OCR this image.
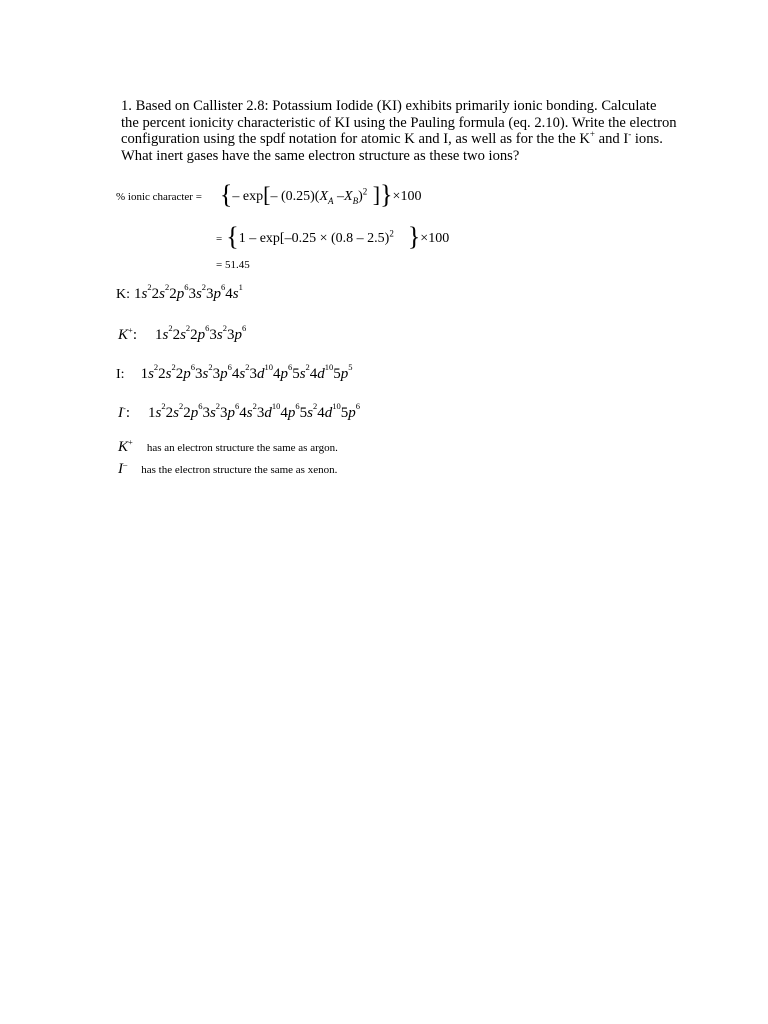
1. Based on Callister 2.8: Potassium Iodide (KI) exhibits primarily ionic bonding. Calculate

the percent ionicity characteristic of KI using the Pauling formula (eq. 2.10). Write the electron

configuration using the spdf notation for atomic K and I, as well as for the the K+ and I- ions.

What inert gases have the same electron structure as these two ions?

% ionic character = {– exp[– $(0.25)(X_A$ $-X_B)^2$ ]}×100
= {1 – exp[–0.25 × (0.8 – 2.5)$^2$ }×100
= 51.45
K: $1s^22s^22p^63s^23p^64s^1$
K+: $1s^22s^22p^63s^23p^6$
I: $1s^22s^22p^63s^23p^64s^23d^{10}4p^65s^24d^{10}5p^5$
I-: $1s^22s^22p^63s^23p^64s^23d^{10}4p^65s^24d^{10}5p^6$
K+ has an electron structure the same as argon.
I– has the electron structure the same as xenon.
